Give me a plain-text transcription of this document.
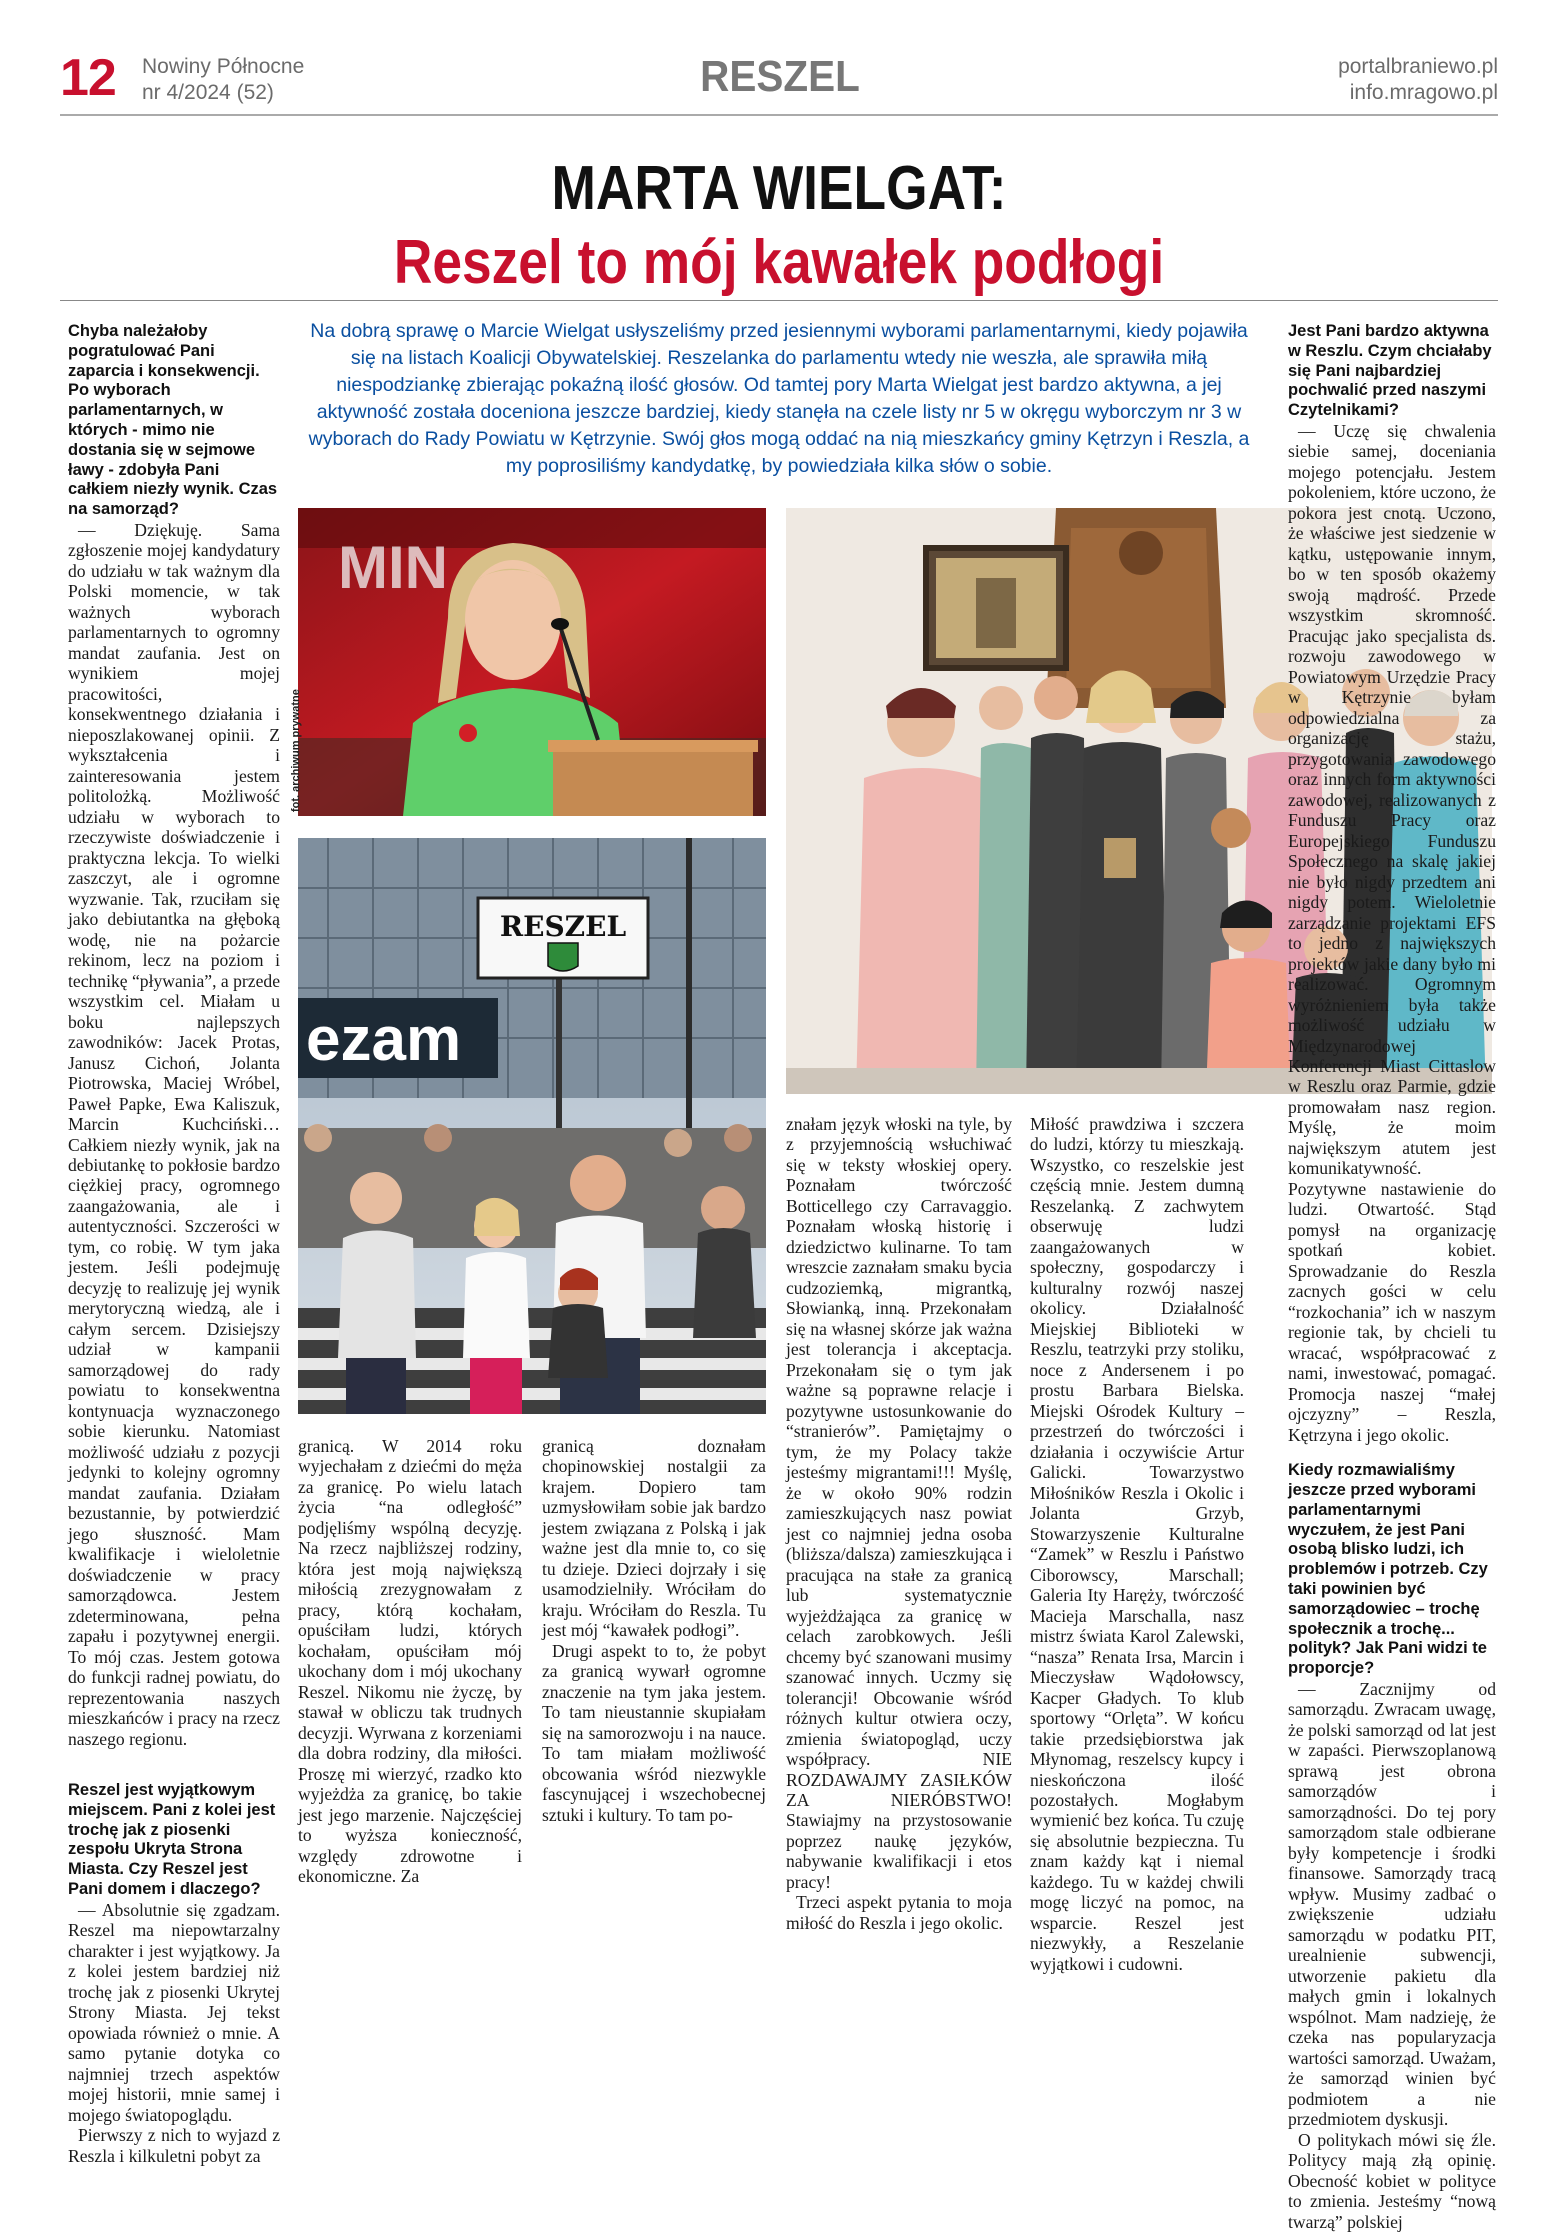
12 Nowiny Północne
nr 4/2024 (52)	RESZEL	portalbraniewo.pl
info.mragowo.pl
MARTA WIELGAT:
Reszel to mój kawałek podłogi
Na dobrą sprawę o Marcie Wielgat usłyszeliśmy przed jesiennymi wyborami parlamentarnymi, kiedy pojawiła się na listach Koalicji Obywatelskiej. Reszelanka do parlamentu wtedy nie weszła, ale sprawiła miłą niespodziankę zbierając pokaźną ilość głosów. Od tamtej pory Marta Wielgat jest bardzo aktywna, a jej aktywność została doceniona jeszcze bardziej, kiedy stanęła na czele listy nr 5 w okręgu wyborczym nr 3 w wyborach do Rady Powiatu w Kętrzynie. Swój głos mogą oddać na nią mieszkańcy gminy Kętrzyn i Reszla, a my poprosiliśmy kandydatkę, by powiedziała kilka słów o sobie.

Chyba należałoby pogratulować Pani zaparcia i konsekwencji. Po wyborach parlamentarnych, w których - mimo nie dostania się w sejmowe ławy - zdobyła Pani całkiem niezły wynik. Czas na samorząd?

— Dziękuję. Sama zgłoszenie mojej kandydatury do udziału w tak ważnym dla Polski momencie, w tak ważnych wyborach parlamentarnych to ogromny mandat zaufania. Jest on wynikiem mojej pracowitości, konsekwentnego działania i nieposzlakowanej opinii. Z wykształcenia i zainteresowania jestem politolożką. Możliwość udziału w wyborach to rzeczywiste doświadczenie i praktyczna lekcja. To wielki zaszczyt, ale i ogromne wyzwanie. Tak, rzuciłam się jako debiutantka na głęboką wodę, nie na pożarcie rekinom, lecz na poziom i technikę “pływania”, a przede wszystkim cel. Miałam u boku najlepszych zawodników: Jacek Protas, Janusz Cichoń, Jolanta Piotrowska, Maciej Wróbel, Paweł Papke, Ewa Kaliszuk, Marcin Kuchciński… Całkiem niezły wynik, jak na debiutankę to pokłosie bardzo ciężkiej pracy, ogromnego zaangażowania, ale i autentyczności. Szczerości w tym, co robię. W tym jaka jestem. Jeśli podejmuję decyzję to realizuję jej wynik merytoryczną wiedzą, ale i całym sercem. Dzisiejszy udział w kampanii samorządowej do rady powiatu to konsekwentna kontynuacja wyznaczonego sobie kierunku. Natomiast możliwość udziału z pozycji jedynki to kolejny ogromny mandat zaufania. Działam bezustannie, by potwierdzić jego słuszność. Mam kwalifikacje i wieloletnie doświadczenie w pracy samorządowca. Jestem zdeterminowana, pełna zapału i pozytywnej energii. To mój czas. Jestem gotowa do funkcji radnej powiatu, do reprezentowania naszych mieszkańców i pracy na rzecz naszego regionu.

Reszel jest wyjątkowym miejscem. Pani z kolei jest trochę jak z piosenki zespołu Ukryta Strona Miasta. Czy Reszel jest Pani domem i dlaczego?

— Absolutnie się zgadzam. Reszel ma niepowtarzalny charakter i jest wyjątkowy. Ja z kolei jestem bardziej niż trochę jak z piosenki Ukrytej Strony Miasta. Jej tekst opowiada również o mnie. A samo pytanie dotyka co najmniej trzech aspektów mojej historii, mnie samej i mojego światopoglądu.

Pierwszy z nich to wyjazd z Reszla i kilkuletni pobyt za

MIN
fot. archiwum prywatne
ezam
RESZEL

granicą. W 2014 roku wyjechałam z dziećmi do męża za granicę. Po wielu latach życia “na odległość” podjęliśmy wspólną decyzję. Na rzecz najbliższej rodziny, która jest moją największą miłością zrezygnowałam z pracy, którą kochałam, opuściłam ludzi, których kochałam, opuściłam mój ukochany dom i mój ukochany Reszel. Nikomu nie życzę, by stawał w obliczu tak trudnych decyzji. Wyrwana z korzeniami dla dobra rodziny, dla miłości. Proszę mi wierzyć, rzadko kto wyjeżdża za granicę, bo takie jest jego marzenie. Najczęściej to wyższa konieczność, względy zdrowotne i ekonomiczne. Za

granicą doznałam chopinowskiej nostalgii za krajem. Dopiero tam uzmysłowiłam sobie jak bardzo jestem związana z Polską i jak ważne jest dla mnie to, co się tu dzieje. Dzieci dojrzały i się usamodzielniły. Wróciłam do kraju. Wróciłam do Reszla. Tu jest mój “kawałek podłogi”.

Drugi aspekt to to, że pobyt za granicą wywarł ogromne znaczenie na tym jaka jestem. To tam nieustannie skupiałam się na samorozwoju i na nauce. To tam miałam możliwość obcowania wśród niezwykle fascynującej i wszechobecnej sztuki i kultury. To tam po-

znałam język włoski na tyle, by z przyjemnością wsłuchiwać się w teksty włoskiej opery. Poznałam twórczość Botticellego czy Carravaggio. Poznałam włoską historię i dziedzictwo kulinarne. To tam wreszcie zaznałam smaku bycia cudzoziemką, migrantką, Słowianką, inną. Przekonałam się na własnej skórze jak ważna jest tolerancja i akceptacja. Przekonałam się o tym jak ważne są poprawne relacje i pozytywne ustosunkowanie do “stranierów”. Pamiętajmy o tym, że my Polacy także jesteśmy migrantami!!! Myślę, że w około 90% rodzin zamieszkujących nasz powiat jest co najmniej jedna osoba (bliższa/dalsza) zamieszkująca i pracująca na stałe za granicą lub systematycznie wyjeżdżająca za granicę w celach zarobkowych. Jeśli chcemy być szanowani musimy szanować innych. Uczmy się tolerancji! Obcowanie wśród różnych kultur otwiera oczy, zmienia światopogląd, uczy współpracy. NIE ROZDAWAJMY ZASIŁKÓW ZA NIERÓBSTWO! Stawiajmy na przystosowanie poprzez naukę języków, nabywanie kwalifikacji i etos pracy!

Trzeci aspekt pytania to moja miłość do Reszla i jego okolic.

Miłość prawdziwa i szczera do ludzi, którzy tu mieszkają. Wszystko, co reszelskie jest częścią mnie. Jestem dumną Reszelanką. Z zachwytem obserwuję ludzi zaangażowanych w społeczny, gospodarczy i kulturalny rozwój naszej okolicy. Działalność Miejskiej Biblioteki w Reszlu, teatrzyki przy stoliku, noce z Andersenem i po prostu Barbara Bielska. Miejski Ośrodek Kultury – przestrzeń do twórczości i działania i oczywiście Artur Galicki. Towarzystwo Miłośników Reszla i Okolic i Jolanta Grzyb, Stowarzyszenie Kulturalne “Zamek” w Reszlu i Państwo Ciborowscy, Marschall; Galeria Ity Haręży, twórczość Macieja Marschalla, nasz mistrz świata Karol Zalewski, “nasza” Renata Irsa, Marcin i Mieczysław Wądołowscy, Kacper Gładych. To klub sportowy “Orlęta”. W końcu takie przedsiębiorstwa jak Młynomag, reszelscy kupcy i nieskończona ilość pozostałych. Mogłabym wymienić bez końca. Tu czuję się absolutnie bezpieczna. Tu znam każdy kąt i niemal każdego. Tu w każdej chwili mogę liczyć na pomoc, na wsparcie. Reszel jest niezwykły, a Reszelanie wyjątkowi i cudowni.

Jest Pani bardzo aktywna w Reszlu. Czym chciałaby się Pani najbardziej pochwalić przed naszymi Czytelnikami?

— Uczę się chwalenia siebie samej, doceniania mojego potencjału. Jestem pokoleniem, które uczono, że pokora jest cnotą. Uczono, że właściwe jest siedzenie w kątku, ustępowanie innym, bo w ten sposób okażemy swoją mądrość. Przede wszystkim skromność. Pracując jako specjalista ds. rozwoju zawodowego w Powiatowym Urzędzie Pracy w Kętrzynie byłam odpowiedzialna za organizację stażu, przygotowania zawodowego oraz innych form aktywności zawodowej, realizowanych z Funduszu Pracy oraz Europejskiego Funduszu Społecznego na skalę jakiej nie było nigdy przedtem ani nigdy potem. Wieloletnie zarządzanie projektami EFS to jedno z największych projektów jakie dany było mi realizować. Ogromnym wyróżnieniem była także możliwość udziału w Międzynarodowej Konferencji Miast Cittaslow w Reszlu oraz Parmie, gdzie promowałam nasz region. Myślę, że moim największym atutem jest komunikatywność. Pozytywne nastawienie do ludzi. Otwartość. Stąd pomysł na organizację spotkań kobiet. Sprowadzanie do Reszla zacnych gości w celu “rozkochania” ich w naszym regionie tak, by chcieli tu wracać, współpracować z nami, inwestować, pomagać. Promocja naszej “małej ojczyzny” – Reszla, Kętrzyna i jego okolic.

Kiedy rozmawialiśmy jeszcze przed wyborami parlamentarnymi wyczułem, że jest Pani osobą blisko ludzi, ich problemów i potrzeb. Czy taki powinien być samorządowiec – trochę społecznik a trochę... polityk? Jak Pani widzi te proporcje?

— Zacznijmy od samorządu. Zwracam uwagę, że polski samorząd od lat jest w zapaści. Pierwszoplanową sprawą jest obrona samorządów i samorządności. Do tej pory samorządom stale odbierane były kompetencje i środki finansowe. Samorządy tracą wpływ. Musimy zadbać o zwiększenie udziału samorządu w podatku PIT, urealnienie subwencji, utworzenie pakietu dla małych gmin i lokalnych wspólnot. Mam nadzieję, że czeka nas popularyzacja wartości samorząd. Uważam, że samorząd winien być podmiotem a nie przedmiotem dyskusji.

O politykach mówi się źle. Politycy mają złą opinię. Obecność kobiet w polityce to zmienia. Jesteśmy “nową twarzą” polskiej
